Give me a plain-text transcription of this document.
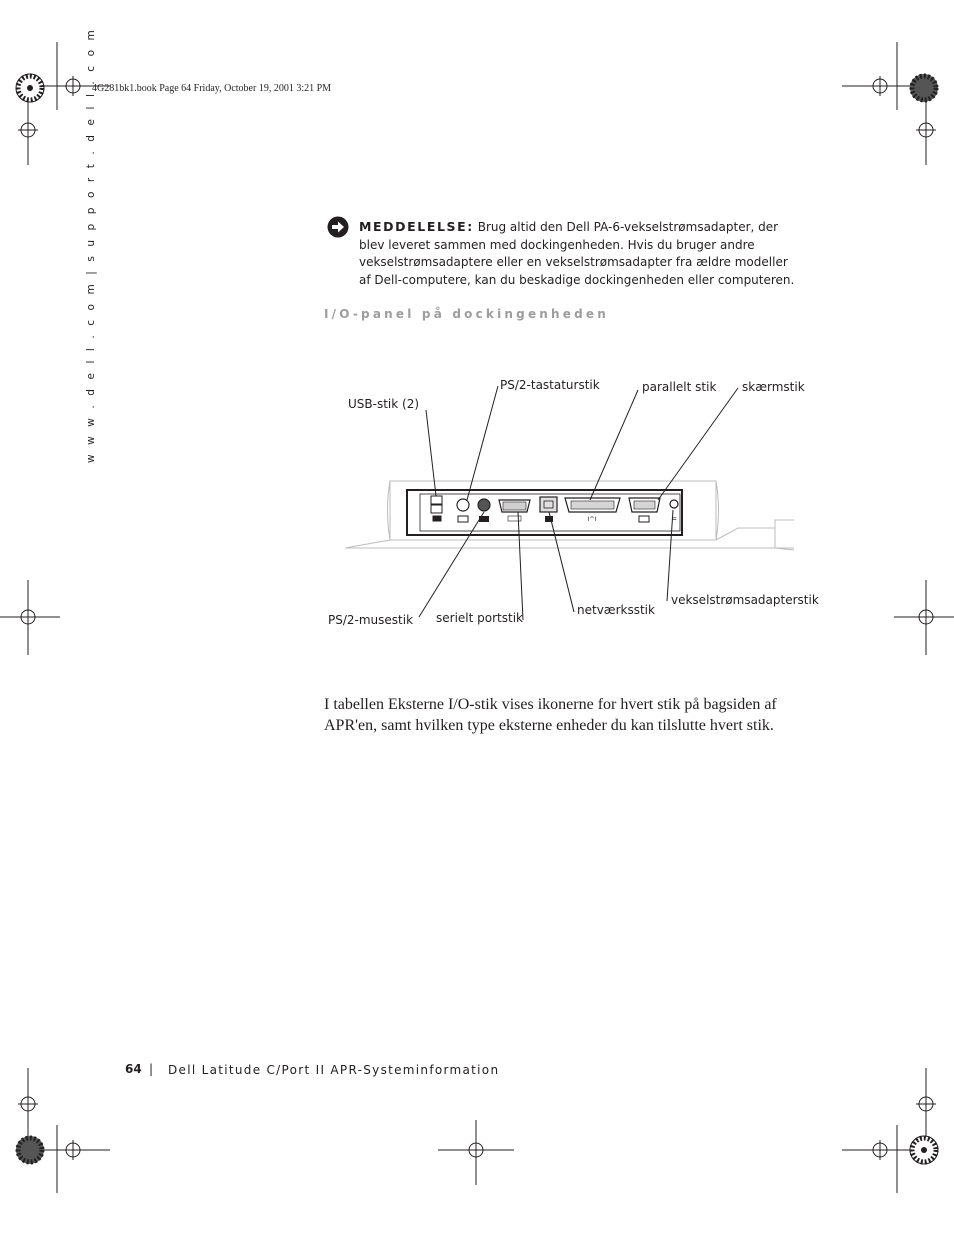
4G281bk1.book Page 64 Friday, October 19, 2001 3:21 PM
w w w . d e l l . c o m | s u p p o r t . d e l l . c o m	MEDDELELSE: Brug altid den Dell PA-6-vekselstrømsadapter, der blev leveret sammen med dockingenheden. Hvis du bruger andre vekselstrømsadaptere eller en vekselstrømsadapter fra ældre modeller af Dell-computere, kan du beskadige dockingenheden eller computeren.
I/O-panel på dockingenheden
I^I	=
USB-stik (2)
PS/2-tastaturstik	parallelt stik skærmstik
PS/2-musestik serielt portstik
netværksstik
vekselstrømsadapterstik
I tabellen Eksterne I/O-stik vises ikonerne for hvert stik på bagsiden af APR'en, samt hvilken type eksterne enheder du kan tilslutte hvert stik.
64 | Dell Latitude C/Port II APR-Systeminformation
